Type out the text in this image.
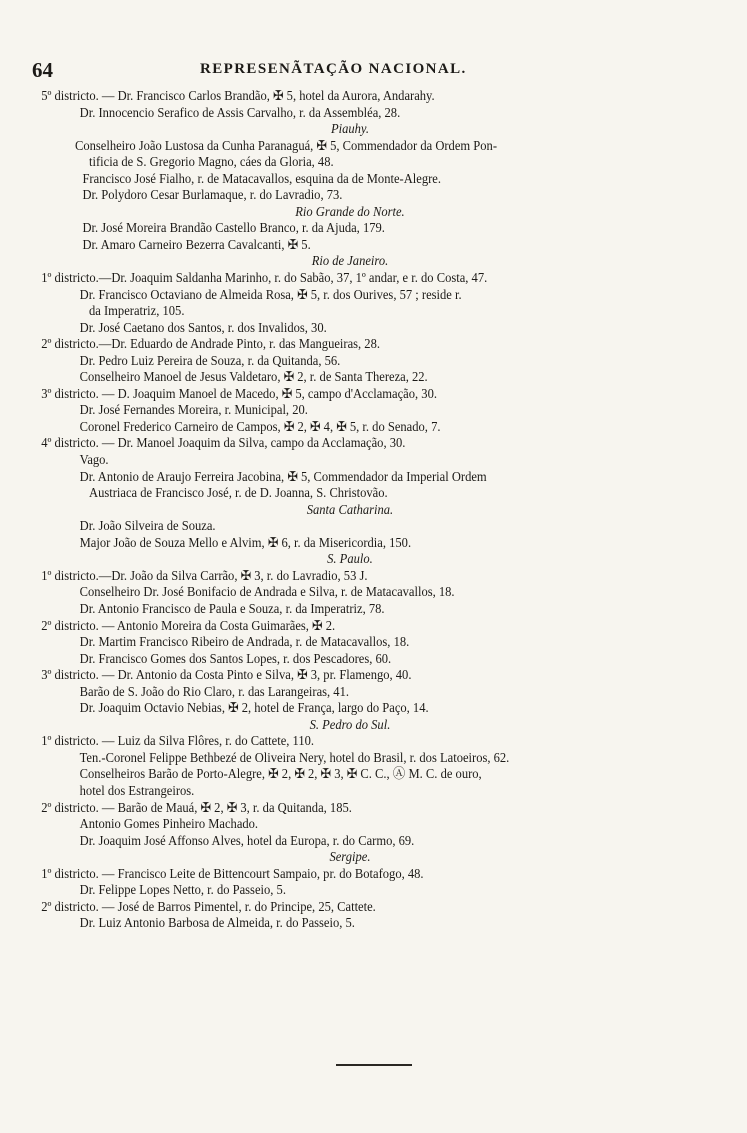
64	REPRESENÃTAÇÃO NACIONAL.
5º districto. — Dr. Francisco Carlos Brandão, ✠ 5, hotel da Aurora, Andarahy.
Dr. Innocencio Serafico de Assis Carvalho, r. da Assembléa, 28.
Piauhy.
Conselheiro João Lustosa da Cunha Paranaguá, ✠ 5, Commendador da Ordem Pon-
tificia de S. Gregorio Magno, cáes da Gloria, 48.
Francisco José Fialho, r. de Matacavallos, esquina da de Monte-Alegre.
Dr. Polydoro Cesar Burlamaque, r. do Lavradio, 73.
Rio Grande do Norte.
Dr. José Moreira Brandão Castello Branco, r. da Ajuda, 179.
Dr. Amaro Carneiro Bezerra Cavalcanti, ✠ 5.
Rio de Janeiro.
1º districto.—Dr. Joaquim Saldanha Marinho, r. do Sabão, 37, 1º andar, e r. do Costa, 47.
Dr. Francisco Octaviano de Almeida Rosa, ✠ 5, r. dos Ourives, 57 ; reside r.
da Imperatriz, 105.
Dr. José Caetano dos Santos, r. dos Invalidos, 30.
2º districto.—Dr. Eduardo de Andrade Pinto, r. das Mangueiras, 28.
Dr. Pedro Luiz Pereira de Souza, r. da Quitanda, 56.
Conselheiro Manoel de Jesus Valdetaro, ✠ 2, r. de Santa Thereza, 22.
3º districto. — D. Joaquim Manoel de Macedo, ✠ 5, campo d'Acclamação, 30.
Dr. José Fernandes Moreira, r. Municipal, 20.
Coronel Frederico Carneiro de Campos, ✠ 2, ✠ 4, ✠ 5, r. do Senado, 7.
4º districto. — Dr. Manoel Joaquim da Silva, campo da Acclamação, 30.
Vago.
Dr. Antonio de Araujo Ferreira Jacobina, ✠ 5, Commendador da Imperial Ordem
Austriaca de Francisco José, r. de D. Joanna, S. Christovão.
Santa Catharina.
Dr. João Silveira de Souza.
Major João de Souza Mello e Alvim, ✠ 6, r. da Misericordia, 150.
S. Paulo.
1º districto.—Dr. João da Silva Carrão, ✠ 3, r. do Lavradio, 53 J.
Conselheiro Dr. José Bonifacio de Andrada e Silva, r. de Matacavallos, 18.
Dr. Antonio Francisco de Paula e Souza, r. da Imperatriz, 78.
2º districto. — Antonio Moreira da Costa Guimarães, ✠ 2.
Dr. Martim Francisco Ribeiro de Andrada, r. de Matacavallos, 18.
Dr. Francisco Gomes dos Santos Lopes, r. dos Pescadores, 60.
3º districto. — Dr. Antonio da Costa Pinto e Silva, ✠ 3, pr. Flamengo, 40.
Barão de S. João do Rio Claro, r. das Larangeiras, 41.
Dr. Joaquim Octavio Nebias, ✠ 2, hotel de França, largo do Paço, 14.
S. Pedro do Sul.
1º districto. — Luiz da Silva Flôres, r. do Cattete, 110.
Ten.-Coronel Felippe Bethbezé de Oliveira Nery, hotel do Brasil, r. dos Latoeiros, 62.
Conselheiros Barão de Porto-Alegre, ✠ 2, ✠ 2, ✠ 3, ✠ C. C., Ⓐ M. C. de ouro,
hotel dos Estrangeiros.
2º districto. — Barão de Mauá, ✠ 2, ✠ 3, r. da Quitanda, 185.
Antonio Gomes Pinheiro Machado.
Dr. Joaquim José Affonso Alves, hotel da Europa, r. do Carmo, 69.
Sergipe.
1º districto. — Francisco Leite de Bittencourt Sampaio, pr. do Botafogo, 48.
Dr. Felippe Lopes Netto, r. do Passeio, 5.
2º districto. — José de Barros Pimentel, r. do Principe, 25, Cattete.
Dr. Luiz Antonio Barbosa de Almeida, r. do Passeio, 5.
